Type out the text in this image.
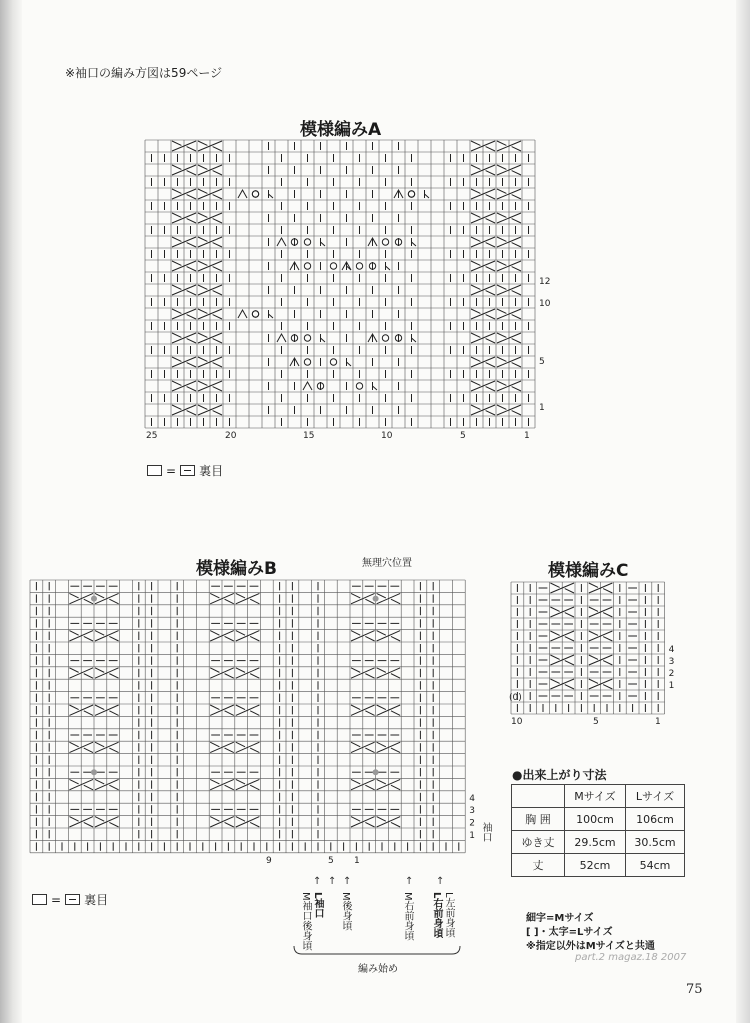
※袖口の編み方図は59ページ
模様編みA
12
10
5
1
25	20	15	10	5	1
= 裏目
模様編みB	無理穴位置
4
3
2
1
9	5 1
袖口
= 裏目
↑ ↑ ↑	↑ ↑
M袖口後身頃
L袖口
M後身頃
M右前身頃
L右前身頃
L左前身頃
編み始め
模様編みC
4
3
2
1
(0)
10	5	1
●出来上がり寸法
	Mサイズ	Lサイズ
胸 囲	100cm	106cm
ゆき丈	29.5cm	30.5cm
丈	52cm	54cm
細字=Mサイズ
[ ]・太字=Lサイズ
※指定以外はMサイズと共通
part.2 magaz.18 2007
75
